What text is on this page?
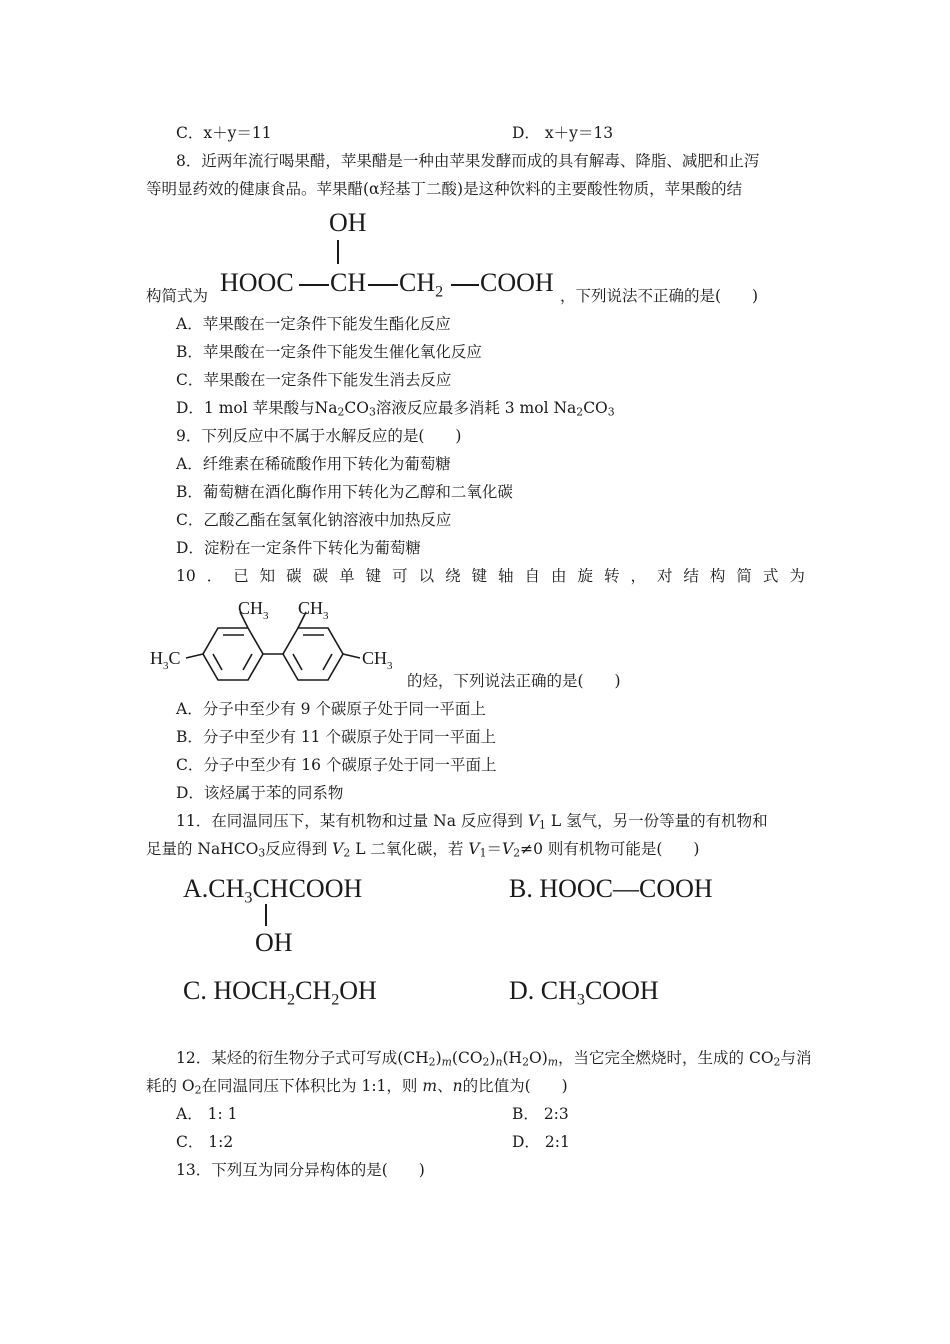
C．x＋y＝11	D． x＋y＝13
8．近两年流行喝果醋，苹果醋是一种由苹果发酵而成的具有解毒、降脂、减肥和止泻
等明显药效的健康食品。苹果醋(α羟基丁二酸)是这种饮料的主要酸性物质，苹果酸的结
构简式为
OH
HOOC CH $CH_2$ COOH ，下列说法不正确的是(　　)
A．苹果酸在一定条件下能发生酯化反应
B．苹果酸在一定条件下能发生催化氧化反应
C．苹果酸在一定条件下能发生消去反应
D．1 mol 苹果酸与Na2CO3溶液反应最多消耗 3 mol Na2CO3
9．下列反应中不属于水解反应的是(　　)
A．纤维素在稀硫酸作用下转化为葡萄糖
B．葡萄糖在酒化酶作用下转化为乙醇和二氧化碳
C．乙酸乙酯在氢氧化钠溶液中加热反应
D．淀粉在一定条件下转化为葡萄糖
10 ． 已 知 碳 碳 单 键 可 以 绕 键 轴 自 由 旋 转 ， 对 结 构 简 式 为
$CH_3$ $CH_3$
$H_3C$	$CH_3$
的烃，下列说法正确的是(　　)
A．分子中至少有 9 个碳原子处于同一平面上
B．分子中至少有 11 个碳原子处于同一平面上
C．分子中至少有 16 个碳原子处于同一平面上
D．该烃属于苯的同系物
11．在同温同压下，某有机物和过量 Na 反应得到 V1 L 氢气，另一份等量的有机物和
足量的 NaHCO3反应得到 V2 L 二氧化碳，若 V1＝V2≠0 则有机物可能是(　　)
$A.CH_3CHCOOH$
OH
B. HOOC—COOH
C. $HOCH_2CH_2OH$	D. $CH_3COOH$
12．某烃的衍生物分子式可写成(CH2)m(CO2)n(H2O)m，当它完全燃烧时，生成的 CO2与消
耗的 O2在同温同压下体积比为 1:1，则 m、n的比值为(　　)
A． 1: 1	B． 2:3
C． 1:2	D． 2:1
13．下列互为同分异构体的是(　　)
